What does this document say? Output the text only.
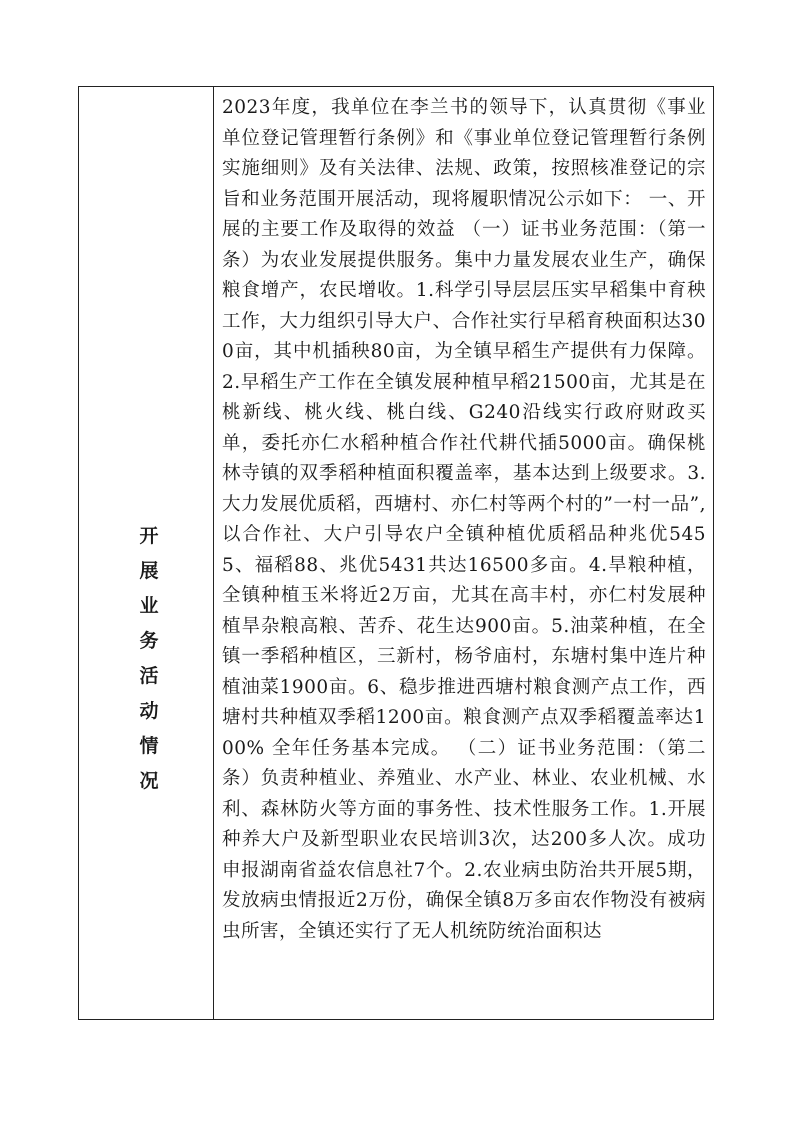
开展业务活动情况
2023年度，我单位在李兰书的领导下，认真贯彻《事业单位登记管理暂行条例》和《事业单位登记管理暂行条例实施细则》及有关法律、法规、政策，按照核准登记的宗旨和业务范围开展活动，现将履职情况公示如下： 一、开展的主要工作及取得的效益 （一）证书业务范围：（第一条）为农业发展提供服务。集中力量发展农业生产，确保粮食增产，农民增收。1.科学引导层层压实早稻集中育秧工作，大力组织引导大户、合作社实行早稻育秧面积达300亩，其中机插秧80亩，为全镇早稻生产提供有力保障。2.早稻生产工作在全镇发展种植早稻21500亩，尤其是在桃新线、桃火线、桃白线、G240沿线实行政府财政买单，委托亦仁水稻种植合作社代耕代插5000亩。确保桃林寺镇的双季稻种植面积覆盖率，基本达到上级要求。3.大力发展优质稻，西塘村、亦仁村等两个村的”一村一品”,以合作社、大户引导农户全镇种植优质稻品种兆优5455、福稻88、兆优5431共达16500多亩。4.旱粮种植，全镇种植玉米将近2万亩，尤其在高丰村，亦仁村发展种植旱杂粮高粮、苦乔、花生达900亩。5.油菜种植，在全镇一季稻种植区，三新村，杨爷庙村，东塘村集中连片种植油菜1900亩。6、稳步推进西塘村粮食测产点工作，西塘村共种植双季稻1200亩。粮食测产点双季稻覆盖率达100% 全年任务基本完成。 （二）证书业务范围：（第二条）负责种植业、养殖业、水产业、林业、农业机械、水利、森林防火等方面的事务性、技术性服务工作。1.开展种养大户及新型职业农民培训3次，达200多人次。成功申报湖南省益农信息社7个。2.农业病虫防治共开展5期，发放病虫情报近2万份，确保全镇8万多亩农作物没有被病虫所害，全镇还实行了无人机统防统治面积达
